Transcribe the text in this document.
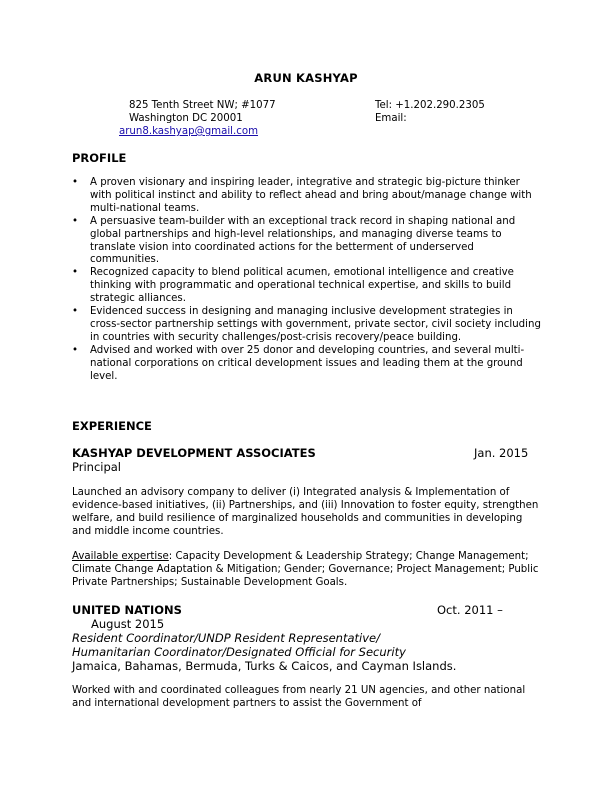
ARUN KASHYAP
825 Tenth Street NW; #1077
Washington DC 20001
Tel: +1.202.290.2305
Email:
arun8.kashyap@gmail.com
PROFILE
• A proven visionary and inspiring leader, integrative and strategic big-picture thinker with political instinct and ability to reflect ahead and bring about/manage change with multi-national teams.
• A persuasive team-builder with an exceptional track record in shaping national and global partnerships and high-level relationships, and managing diverse teams to translate vision into coordinated actions for the betterment of underserved communities.
• Recognized capacity to blend political acumen, emotional intelligence and creative thinking with programmatic and operational technical expertise, and skills to build strategic alliances.
• Evidenced success in designing and managing inclusive development strategies in cross-sector partnership settings with government, private sector, civil society including in countries with security challenges/post-crisis recovery/peace building.
• Advised and worked with over 25 donor and developing countries, and several multi-national corporations on critical development issues and leading them at the ground level.
EXPERIENCE
KASHYAP DEVELOPMENT ASSOCIATES	Jan. 2015
Principal

Launched an advisory company to deliver (i) Integrated analysis & Implementation of evidence-based initiatives, (ii) Partnerships, and (iii) Innovation to foster equity, strengthen welfare, and build resilience of marginalized households and communities in developing and middle income countries.

Available expertise: Capacity Development & Leadership Strategy; Change Management; Climate Change Adaptation & Mitigation; Gender; Governance; Project Management; Public Private Partnerships; Sustainable Development Goals.

UNITED NATIONS	Oct. 2011 –
August 2015
Resident Coordinator/UNDP Resident Representative/
Humanitarian Coordinator/Designated Official for Security
Jamaica, Bahamas, Bermuda, Turks & Caicos, and Cayman Islands.

Worked with and coordinated colleagues from nearly 21 UN agencies, and other national and international development partners to assist the Government of
